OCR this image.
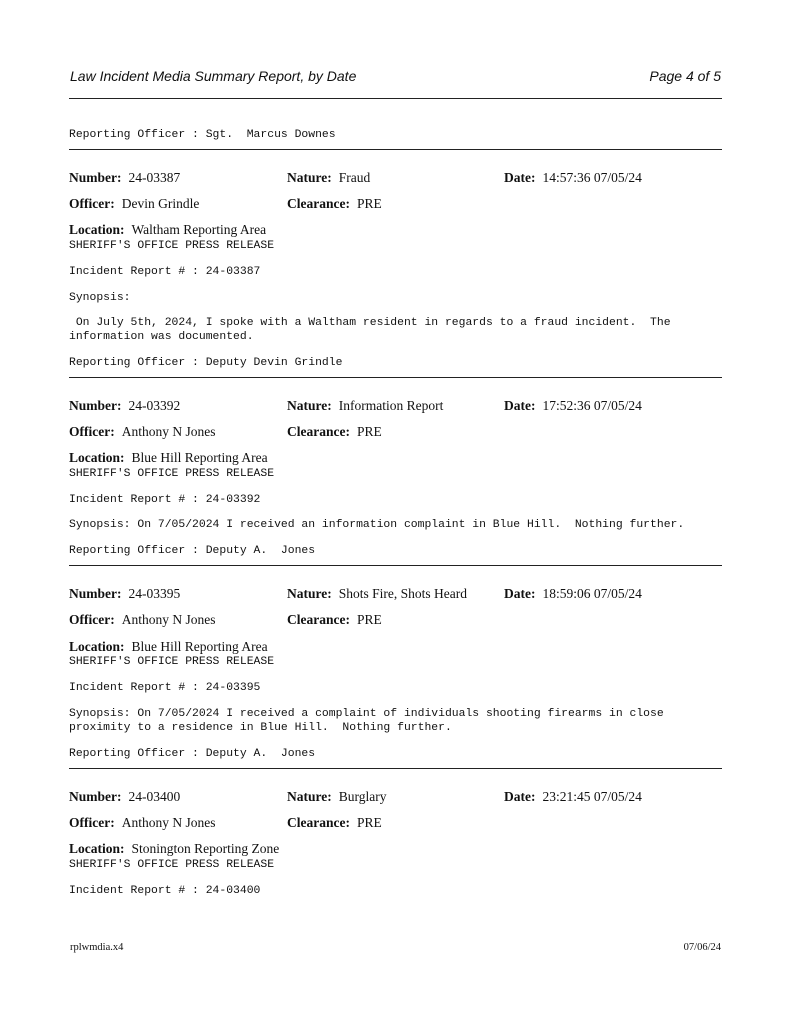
Law Incident Media Summary Report, by Date	Page 4 of 5
Reporting Officer : Sgt.  Marcus Downes
Number: 24-03387	Nature: Fraud	Date: 14:57:36 07/05/24
Officer: Devin Grindle	Clearance: PRE
Location: Waltham Reporting Area
SHERIFF'S OFFICE PRESS RELEASE
Incident Report # : 24-03387
Synopsis:
On July 5th, 2024, I spoke with a Waltham resident in regards to a fraud incident.  The information was documented.
Reporting Officer : Deputy Devin Grindle
Number: 24-03392	Nature: Information Report	Date: 17:52:36 07/05/24
Officer: Anthony N Jones	Clearance: PRE
Location: Blue Hill Reporting Area
SHERIFF'S OFFICE PRESS RELEASE
Incident Report # : 24-03392
Synopsis: On 7/05/2024 I received an information complaint in Blue Hill.  Nothing further.
Reporting Officer : Deputy A.  Jones
Number: 24-03395	Nature: Shots Fire, Shots Heard	Date: 18:59:06 07/05/24
Officer: Anthony N Jones	Clearance: PRE
Location: Blue Hill Reporting Area
SHERIFF'S OFFICE PRESS RELEASE
Incident Report # : 24-03395
Synopsis: On 7/05/2024 I received a complaint of individuals shooting firearms in close proximity to a residence in Blue Hill.  Nothing further.
Reporting Officer : Deputy A.  Jones
Number: 24-03400	Nature: Burglary	Date: 23:21:45 07/05/24
Officer: Anthony N Jones	Clearance: PRE
Location: Stonington Reporting Zone
SHERIFF'S OFFICE PRESS RELEASE
Incident Report # : 24-03400
rplwmdia.x4	07/06/24
